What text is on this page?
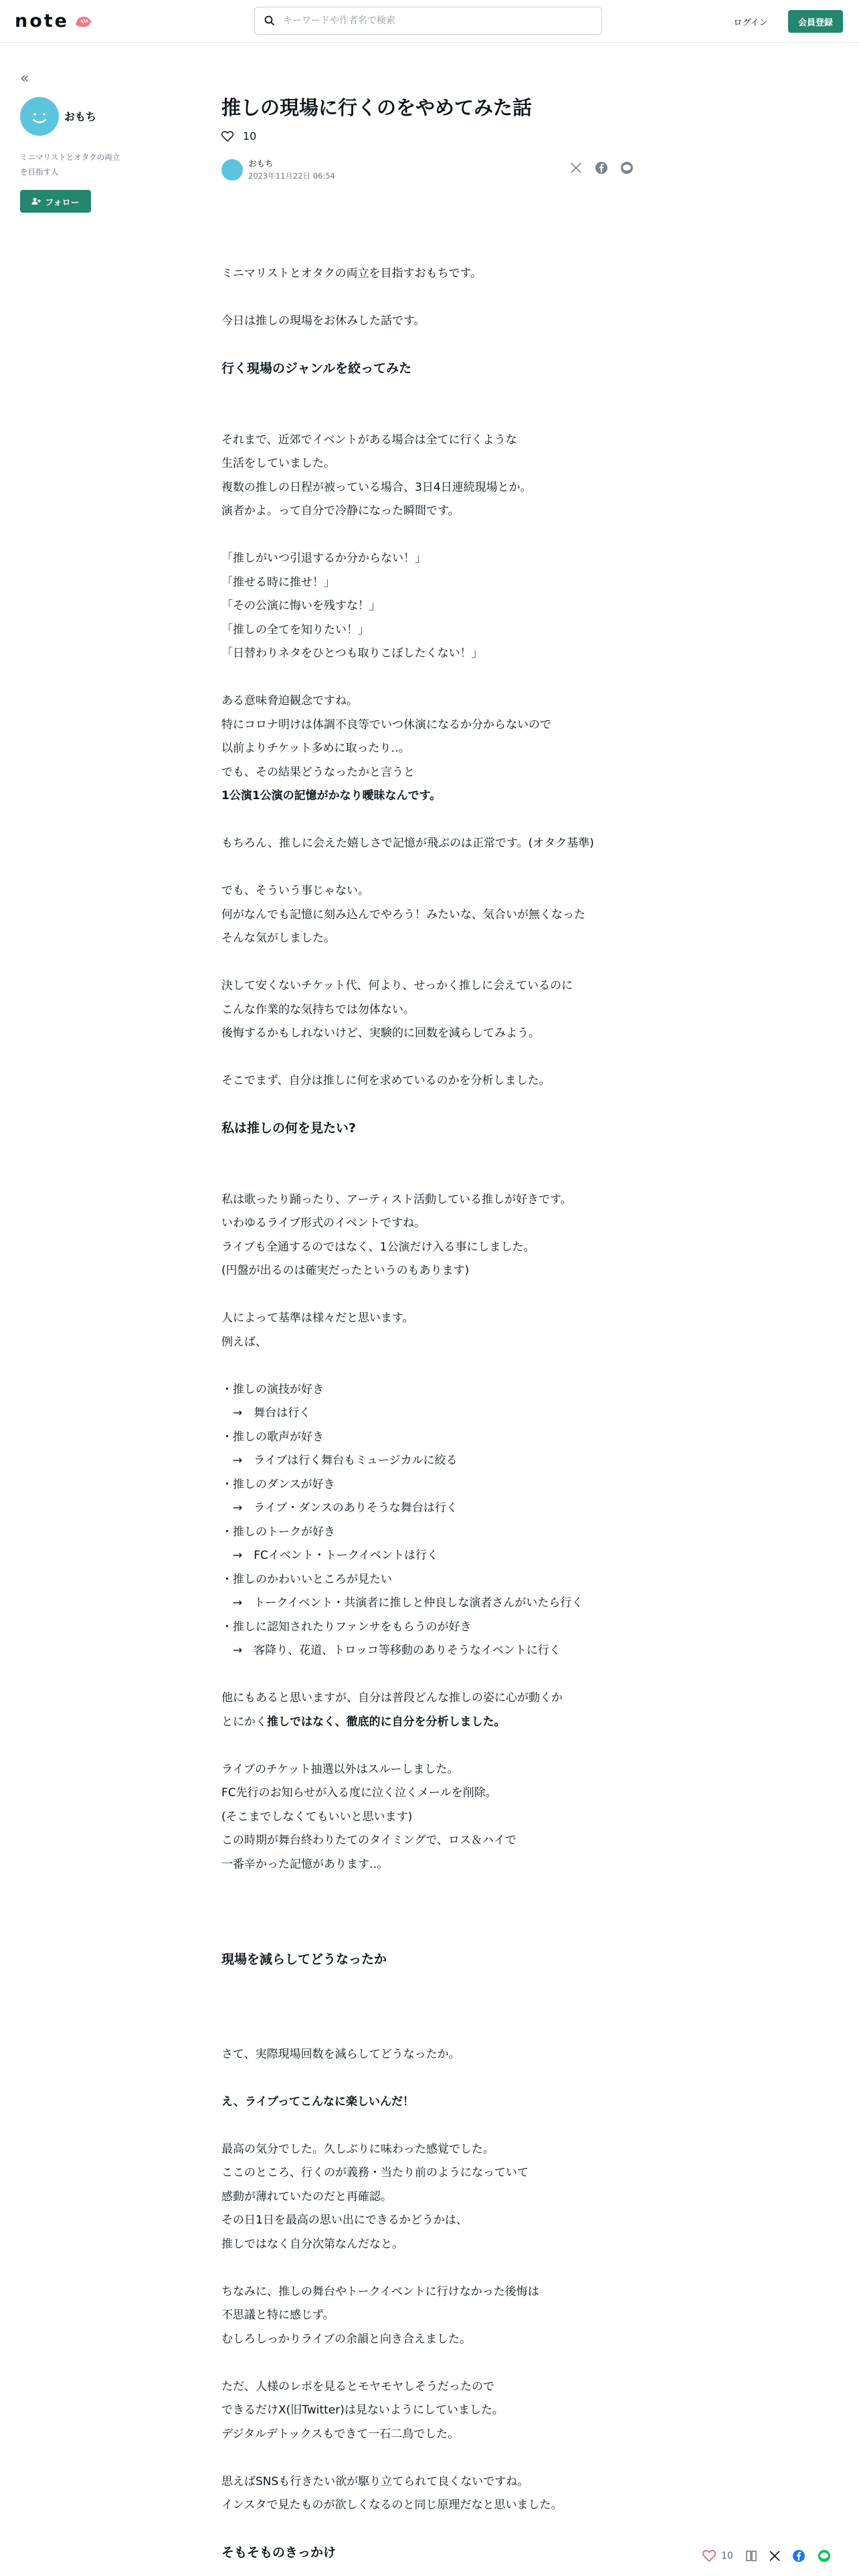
note
キーワードや作者名で検索	ログイン	会員登録
«
おもち
ミニマリストとオタクの両立を目指す人
フォロー
推しの現場に行くのをやめてみた話
10
おもち
2023年11月22日 06:54
ミニマリストとオタクの両立を目指すおもちです。
今日は推しの現場をお休みした話です。
行く現場のジャンルを絞ってみた
それまで、近郊でイベントがある場合は全てに行くような
生活をしていました。
複数の推しの日程が被っている場合、3日4日連続現場とか。
演者かよ。って自分で冷静になった瞬間です。
「推しがいつ引退するか分からない！」
「推せる時に推せ！」
「その公演に悔いを残すな！」
「推しの全てを知りたい！」
「日替わりネタをひとつも取りこぼしたくない！」
ある意味脅迫観念ですね。
特にコロナ明けは体調不良等でいつ休演になるか分からないので
以前よりチケット多めに取ったり‥。
でも、その結果どうなったかと言うと
1公演1公演の記憶がかなり曖昧なんです。
もちろん、推しに会えた嬉しさで記憶が飛ぶのは正常です。(オタク基準)
でも、そういう事じゃない。
何がなんでも記憶に刻み込んでやろう！みたいな、気合いが無くなった
そんな気がしました。
決して安くないチケット代、何より、せっかく推しに会えているのに
こんな作業的な気持ちでは勿体ない。
後悔するかもしれないけど、実験的に回数を減らしてみよう。
そこでまず、自分は推しに何を求めているのかを分析しました。
私は推しの何を見たい?
私は歌ったり踊ったり、アーティスト活動している推しが好きです。
いわゆるライブ形式のイベントですね。
ライブも全通するのではなく、1公演だけ入る事にしました。
(円盤が出るのは確実だったというのもあります)
人によって基準は様々だと思います。
例えば、
・推しの演技が好き
　→　舞台は行く
・推しの歌声が好き
　→　ライブは行く舞台もミュージカルに絞る
・推しのダンスが好き
　→　ライブ・ダンスのありそうな舞台は行く
・推しのトークが好き
　→　FCイベント・トークイベントは行く
・推しのかわいいところが見たい
　→　トークイベント・共演者に推しと仲良しな演者さんがいたら行く
・推しに認知されたりファンサをもらうのが好き
　→　客降り、花道、トロッコ等移動のありそうなイベントに行く
他にもあると思いますが、自分は普段どんな推しの姿に心が動くか
とにかく推しではなく、徹底的に自分を分析しました。
ライブのチケット抽選以外はスルーしました。
FC先行のお知らせが入る度に泣く泣くメールを削除。
(そこまでしなくてもいいと思います)
この時期が舞台終わりたてのタイミングで、ロス＆ハイで
一番辛かった記憶があります‥。
現場を減らしてどうなったか
さて、実際現場回数を減らしてどうなったか。
え、ライブってこんなに楽しいんだ！
最高の気分でした。久しぶりに味わった感覚でした。
ここのところ、行くのが義務・当たり前のようになっていて
感動が薄れていたのだと再確認。
その日1日を最高の思い出にできるかどうかは、
推しではなく自分次第なんだなと。
ちなみに、推しの舞台やトークイベントに行けなかった後悔は
不思議と特に感じず。
むしろしっかりライブの余韻と向き合えました。
ただ、人様のレポを見るとモヤモヤしそうだったので
できるだけX(旧Twitter)は見ないようにしていました。
デジタルデトックスもできて一石二鳥でした。
思えばSNSも行きたい欲が駆り立てられて良くないですね。
インスタで見たものが欲しくなるのと同じ原理だなと思いました。
そもそものきっかけ	10
